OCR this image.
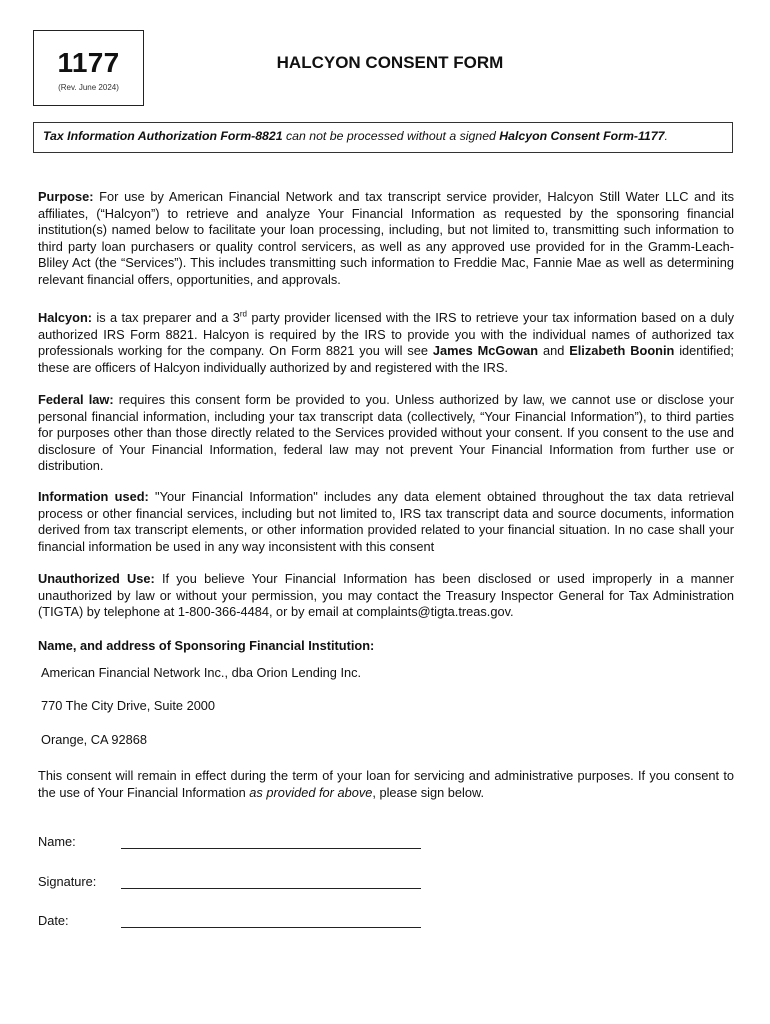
1177
(Rev. June 2024)
HALCYON CONSENT FORM
Tax Information Authorization Form-8821 can not be processed without a signed Halcyon Consent Form-1177.

Purpose: For use by American Financial Network and tax transcript service provider, Halcyon Still Water LLC and its affiliates, (“Halcyon”) to retrieve and analyze Your Financial Information as requested by the sponsoring financial institution(s) named below to facilitate your loan processing, including, but not limited to, transmitting such information to third party loan purchasers or quality control servicers, as well as any approved use provided for in the Gramm-Leach-Bliley Act (the “Services”). This includes transmitting such information to Freddie Mac, Fannie Mae as well as determining relevant financial offers, opportunities, and approvals.

Halcyon: is a tax preparer and a 3rd party provider licensed with the IRS to retrieve your tax information based on a duly authorized IRS Form 8821. Halcyon is required by the IRS to provide you with the individual names of authorized tax professionals working for the company. On Form 8821 you will see James McGowan and Elizabeth Boonin identified; these are officers of Halcyon individually authorized by and registered with the IRS.

Federal law: requires this consent form be provided to you. Unless authorized by law, we cannot use or disclose your personal financial information, including your tax transcript data (collectively, “Your Financial Information”), to third parties for purposes other than those directly related to the Services provided without your consent. If you consent to the use and disclosure of Your Financial Information, federal law may not prevent Your Financial Information from further use or distribution.

Information used: "Your Financial Information" includes any data element obtained throughout the tax data retrieval process or other financial services, including but not limited to, IRS tax transcript data and source documents, information derived from tax transcript elements, or other information provided related to your financial situation. In no case shall your financial information be used in any way inconsistent with this consent

Unauthorized Use: If you believe Your Financial Information has been disclosed or used improperly in a manner unauthorized by law or without your permission, you may contact the Treasury Inspector General for Tax Administration (TIGTA) by telephone at 1-800-366-4484, or by email at complaints@tigta.treas.gov.

Name, and address of Sponsoring Financial Institution:
American Financial Network Inc., dba Orion Lending Inc.
770 The City Drive, Suite 2000
Orange, CA 92868

This consent will remain in effect during the term of your loan for servicing and administrative purposes. If you consent to the use of Your Financial Information as provided for above, please sign below.

Name:
Signature:
Date:
